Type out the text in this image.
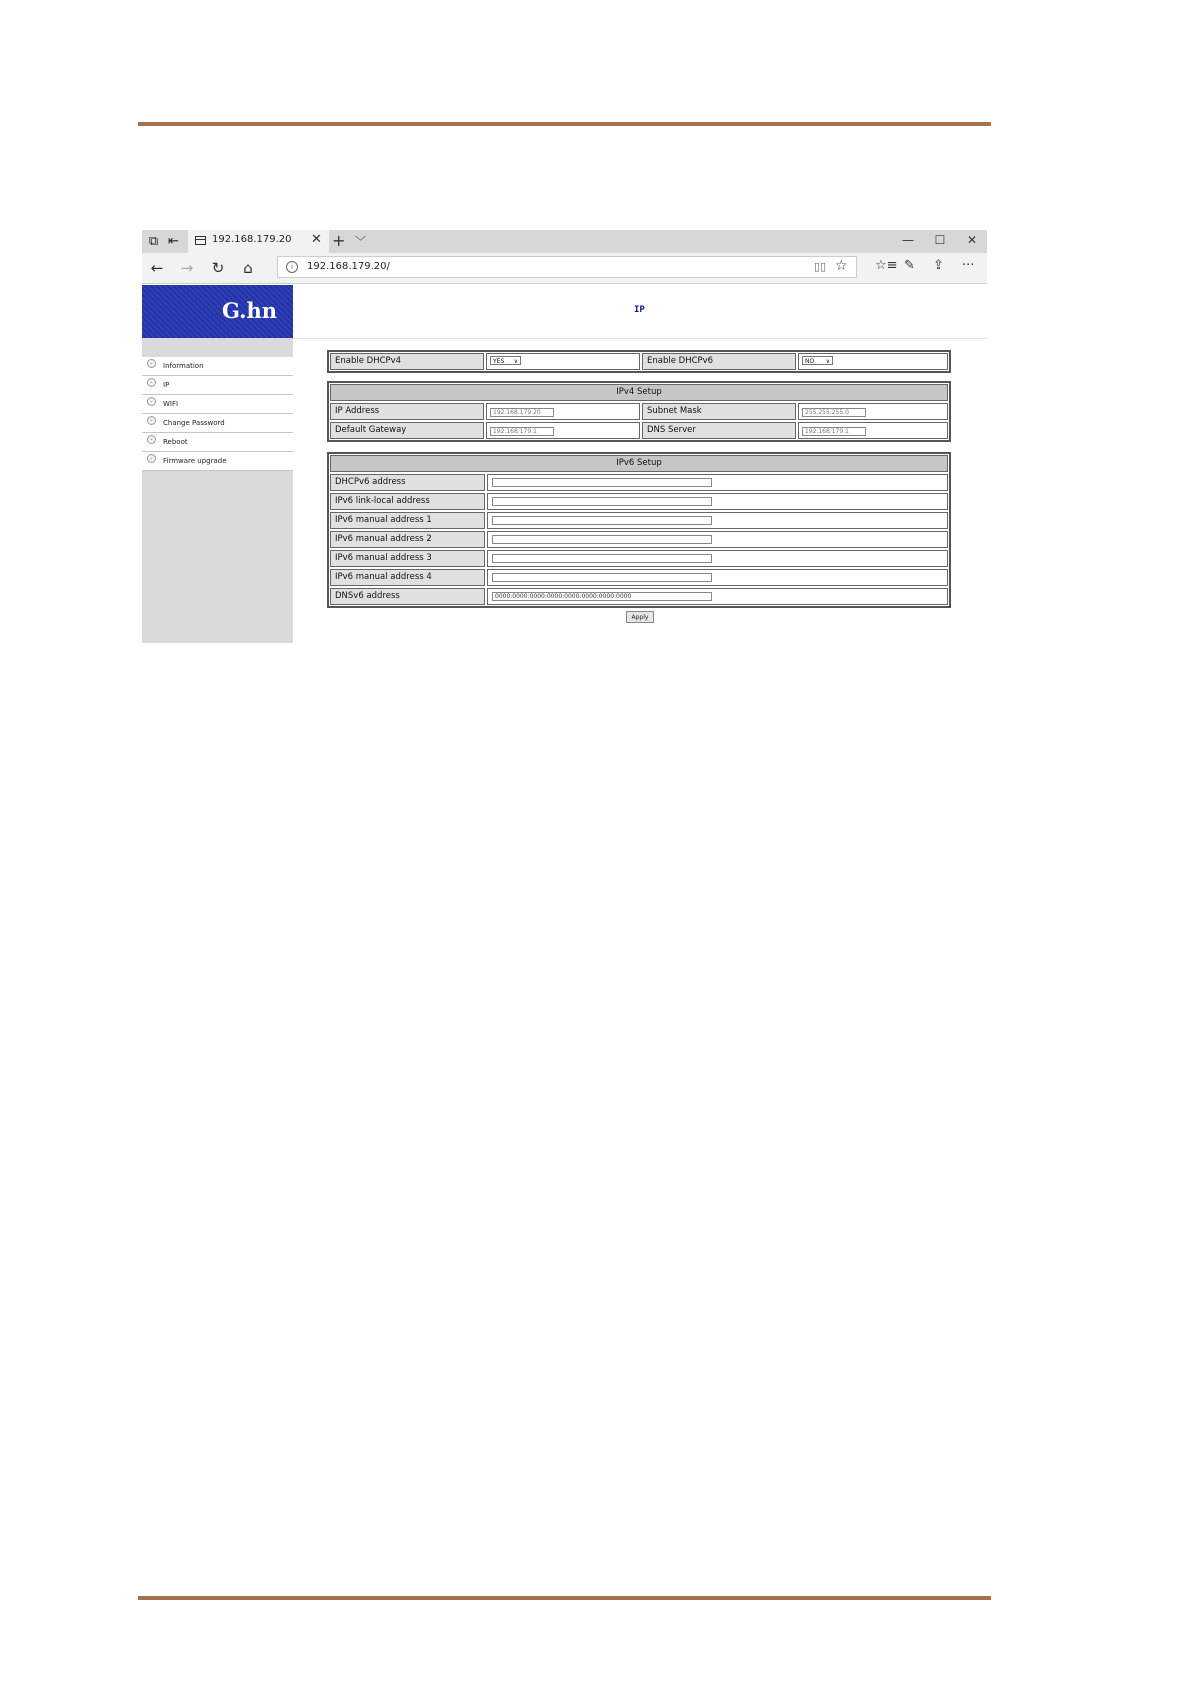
⧉ ⇤	192.168.179.20 ✕ + ﹀	—	☐	✕
← → ↻ ⌂	i	192.168.179.20/	▯▯ ☆ ☆≡ ✎ ⇪ ···
⌄	Information
⌄	IP
⌄	WIFI
⌄	Change Password
⌄	Reboot
⌄	Firmware upgrade
G.hn	IP
Enable DHCPv4	YES ∨	Enable DHCPv6	NO ∨
IPv4 Setup
IP Address	192.168.179.20	Subnet Mask	255.255.255.0
Default Gateway	192.168.179.1	DNS Server	192.168.179.1
IPv6 Setup
DHCPv6 address
IPv6 link-local address
IPv6 manual address 1
IPv6 manual address 2
IPv6 manual address 3
IPv6 manual address 4
DNSv6 address	0000:0000:0000:0000:0000:0000:0000:0000
Apply
